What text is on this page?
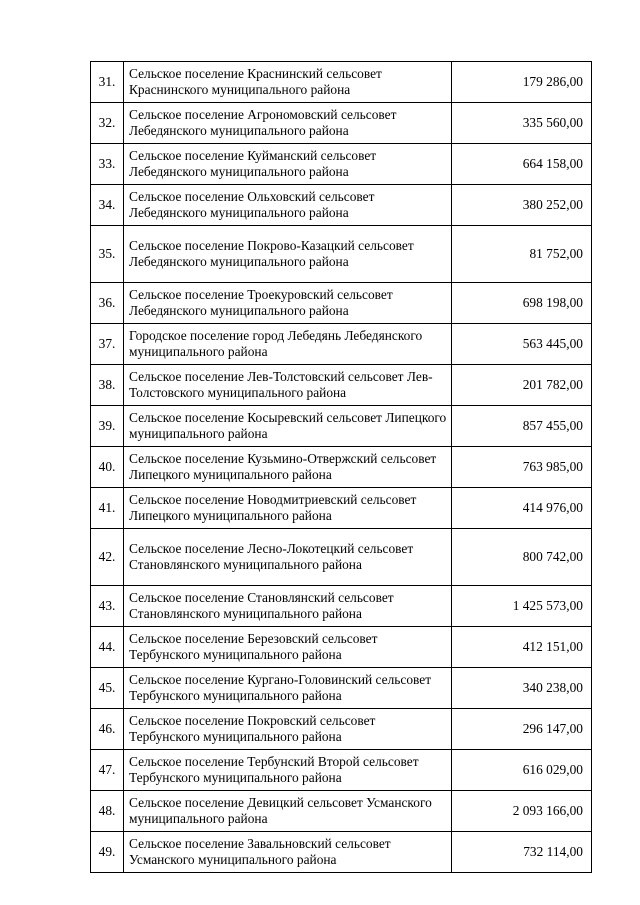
31.	Сельское поселение Краснинский сельсовет Краснинского муниципального района	179 286,00
32.	Сельское поселение Агрономовский сельсовет Лебедянского муниципального района	335 560,00
33.	Сельское поселение Куйманский сельсовет Лебедянского муниципального района	664 158,00
34.	Сельское поселение Ольховский сельсовет Лебедянского муниципального района	380 252,00
35.	Сельское поселение Покрово-Казацкий сельсовет Лебедянского муниципального района	81 752,00
36.	Сельское поселение Троекуровский сельсовет Лебедянского муниципального района	698 198,00
37.	Городское поселение город Лебедянь Лебедянского муниципального района	563 445,00
38.	Сельское поселение Лев-Толстовский сельсовет Лев-Толстовского муниципального района	201 782,00
39.	Сельское поселение Косыревский сельсовет Липецкого муниципального района	857 455,00
40.	Сельское поселение Кузьмино-Отвержский сельсовет Липецкого муниципального района	763 985,00
41.	Сельское поселение Новодмитриевский сельсовет Липецкого муниципального района	414 976,00
42.	Сельское поселение Лесно-Локотецкий сельсовет Становлянского муниципального района	800 742,00
43.	Сельское поселение Становлянский сельсовет Становлянского муниципального района	1 425 573,00
44.	Сельское поселение Березовский сельсовет Тербунского муниципального района	412 151,00
45.	Сельское поселение Кургано-Головинский сельсовет Тербунского муниципального района	340 238,00
46.	Сельское поселение Покровский сельсовет Тербунского муниципального района	296 147,00
47.	Сельское поселение Тербунский Второй сельсовет Тербунского муниципального района	616 029,00
48.	Сельское поселение Девицкий сельсовет Усманского муниципального района	2 093 166,00
49.	Сельское поселение Завальновский сельсовет Усманского муниципального района	732 114,00
